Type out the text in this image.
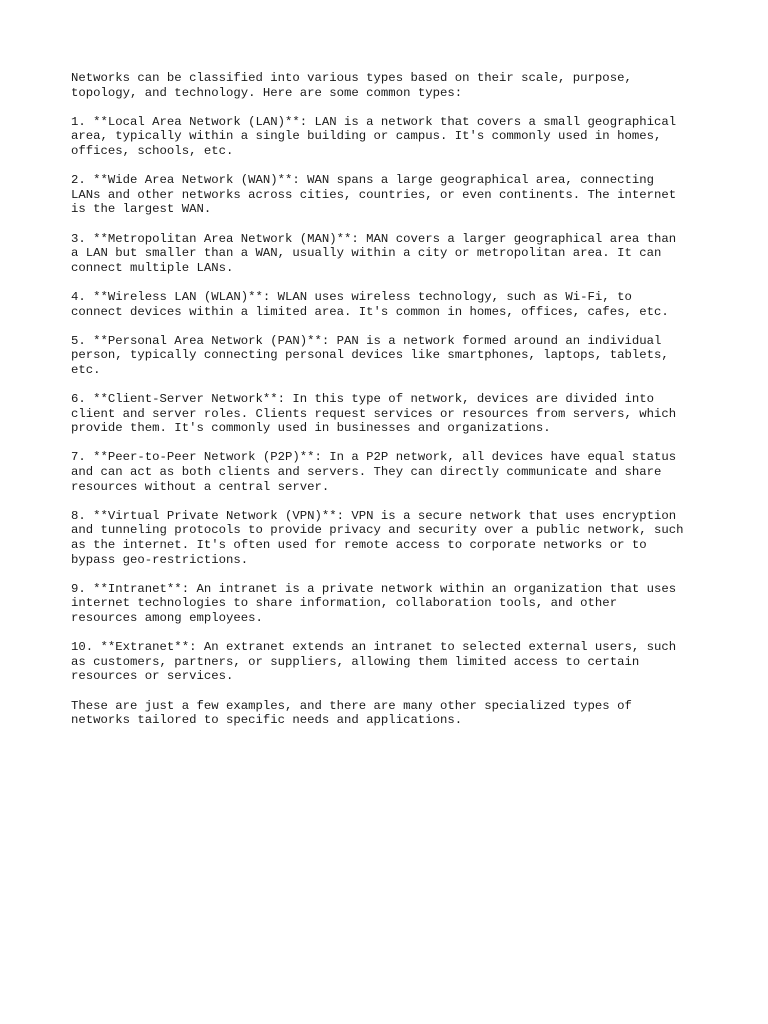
Networks can be classified into various types based on their scale, purpose,
topology, and technology. Here are some common types:

1. **Local Area Network (LAN)**: LAN is a network that covers a small geographical
area, typically within a single building or campus. It's commonly used in homes,
offices, schools, etc.

2. **Wide Area Network (WAN)**: WAN spans a large geographical area, connecting
LANs and other networks across cities, countries, or even continents. The internet
is the largest WAN.

3. **Metropolitan Area Network (MAN)**: MAN covers a larger geographical area than
a LAN but smaller than a WAN, usually within a city or metropolitan area. It can
connect multiple LANs.

4. **Wireless LAN (WLAN)**: WLAN uses wireless technology, such as Wi-Fi, to
connect devices within a limited area. It's common in homes, offices, cafes, etc.

5. **Personal Area Network (PAN)**: PAN is a network formed around an individual
person, typically connecting personal devices like smartphones, laptops, tablets,
etc.

6. **Client-Server Network**: In this type of network, devices are divided into
client and server roles. Clients request services or resources from servers, which
provide them. It's commonly used in businesses and organizations.

7. **Peer-to-Peer Network (P2P)**: In a P2P network, all devices have equal status
and can act as both clients and servers. They can directly communicate and share
resources without a central server.

8. **Virtual Private Network (VPN)**: VPN is a secure network that uses encryption
and tunneling protocols to provide privacy and security over a public network, such
as the internet. It's often used for remote access to corporate networks or to
bypass geo-restrictions.

9. **Intranet**: An intranet is a private network within an organization that uses
internet technologies to share information, collaboration tools, and other
resources among employees.

10. **Extranet**: An extranet extends an intranet to selected external users, such
as customers, partners, or suppliers, allowing them limited access to certain
resources or services.

These are just a few examples, and there are many other specialized types of
networks tailored to specific needs and applications.
